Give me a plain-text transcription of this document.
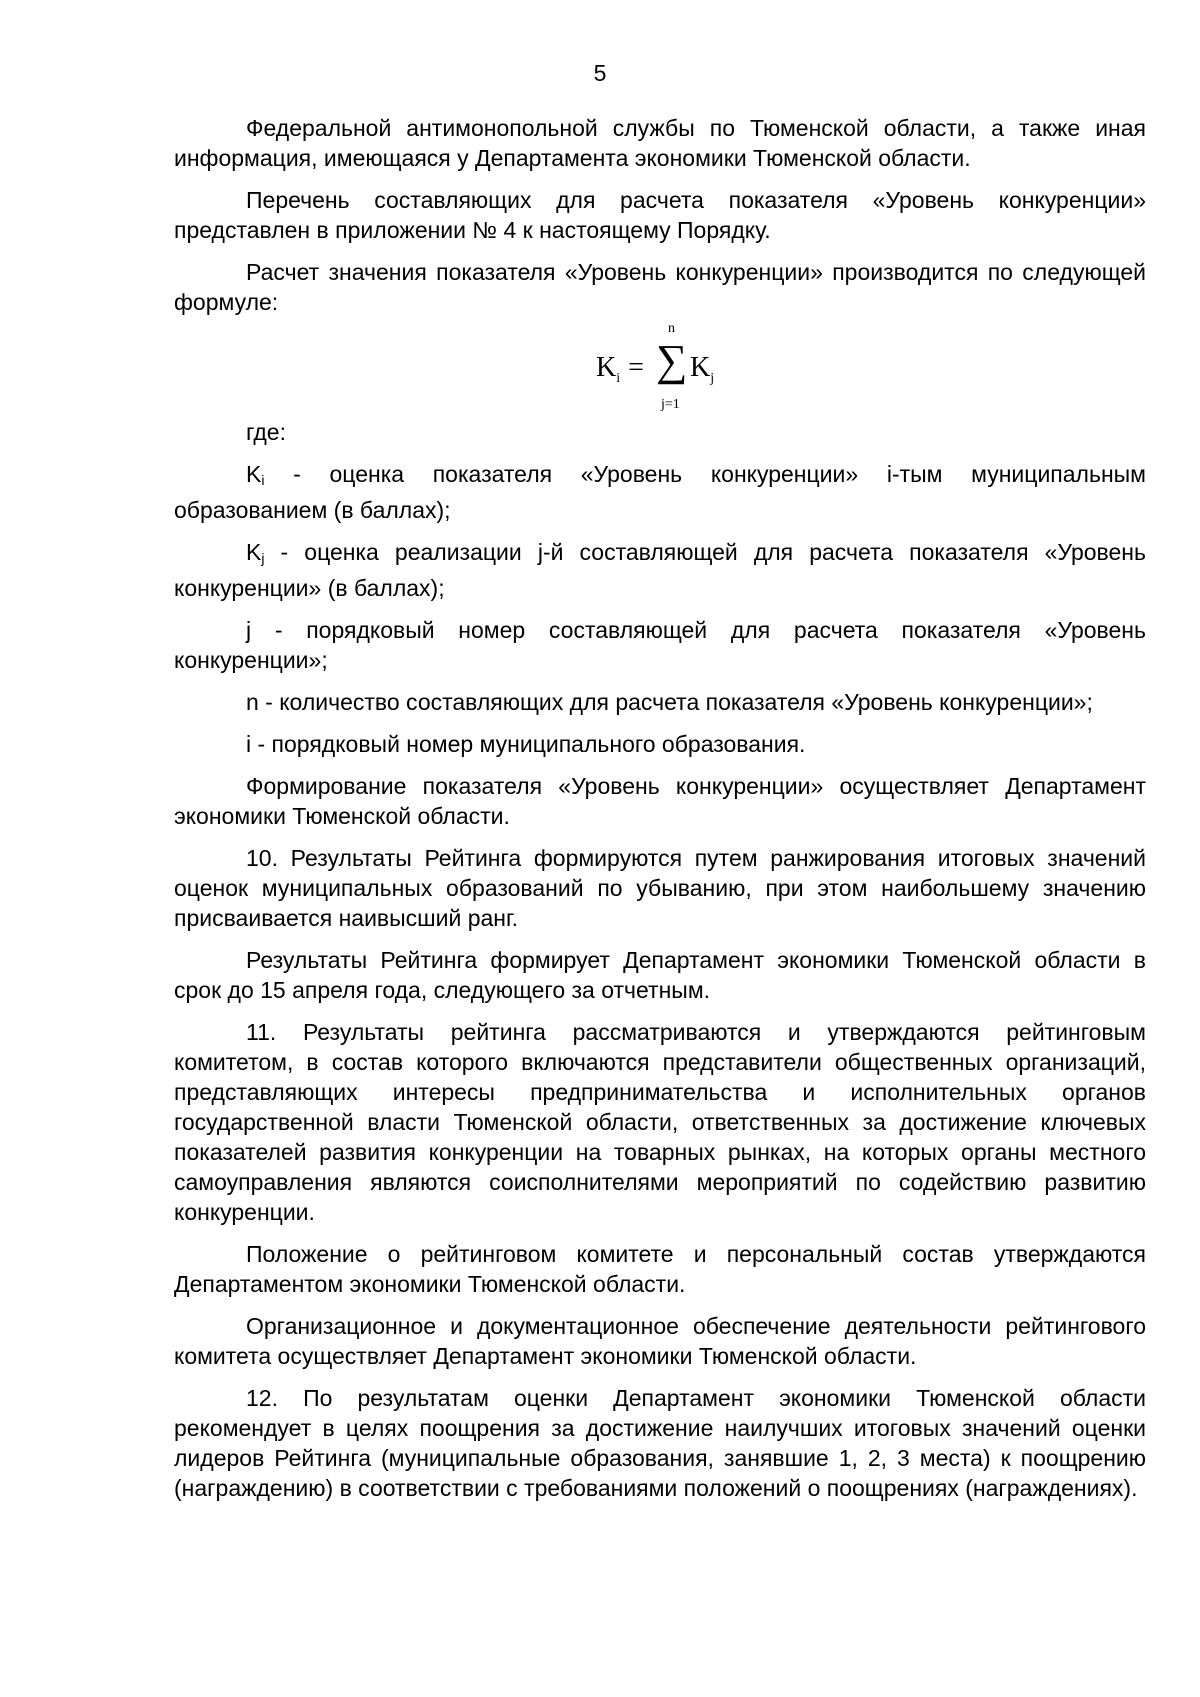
5

Федеральной антимонопольной службы по Тюменской области, а также иная информация, имеющаяся у Департамента экономики Тюменской области.

Перечень составляющих для расчета показателя «Уровень конкуренции» представлен в приложении № 4 к настоящему Порядку.

Расчет значения показателя «Уровень конкуренции» производится по следующей формуле:

$K_i$ =
n
∑
j=1
$K_j$

где:

Ki - оценка показателя «Уровень конкуренции» i-тым муниципальным образованием (в баллах);

Kj - оценка реализации j-й составляющей для расчета показателя «Уровень конкуренции» (в баллах);

j - порядковый номер составляющей для расчета показателя «Уровень конкуренции»;

n - количество составляющих для расчета показателя «Уровень конкуренции»;

i - порядковый номер муниципального образования.

Формирование показателя «Уровень конкуренции» осуществляет Департамент экономики Тюменской области.

10. Результаты Рейтинга формируются путем ранжирования итоговых значений оценок муниципальных образований по убыванию, при этом наибольшему значению присваивается наивысший ранг.

Результаты Рейтинга формирует Департамент экономики Тюменской области в срок до 15 апреля года, следующего за отчетным.

11. Результаты рейтинга рассматриваются и утверждаются рейтинговым комитетом, в состав которого включаются представители общественных организаций, представляющих интересы предпринимательства и исполнительных органов государственной власти Тюменской области, ответственных за достижение ключевых показателей развития конкуренции на товарных рынках, на которых органы местного самоуправления являются соисполнителями мероприятий по содействию развитию конкуренции.

Положение о рейтинговом комитете и персональный состав утверждаются Департаментом экономики Тюменской области.

Организационное и документационное обеспечение деятельности рейтингового комитета осуществляет Департамент экономики Тюменской области.

12. По результатам оценки Департамент экономики Тюменской области рекомендует в целях поощрения за достижение наилучших итоговых значений оценки лидеров Рейтинга (муниципальные образования, занявшие 1, 2, 3 места) к поощрению (награждению) в соответствии с требованиями положений о поощрениях (награждениях).
